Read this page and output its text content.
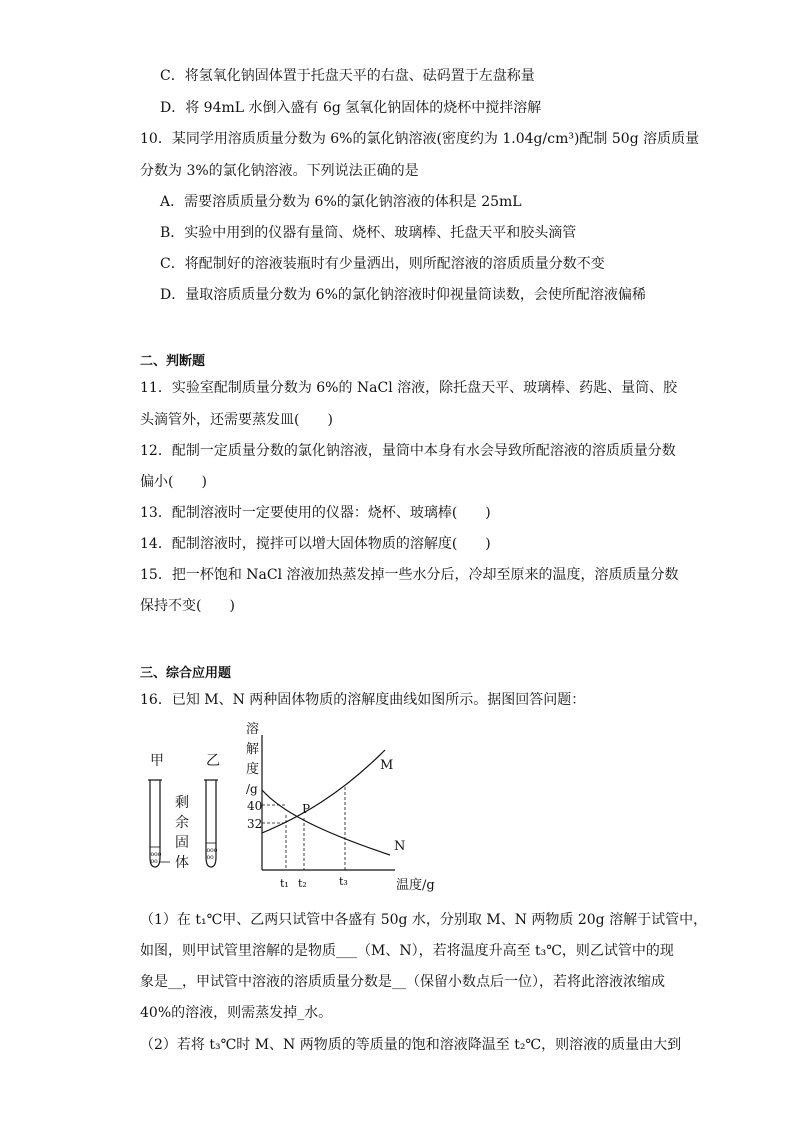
C．将氢氧化钠固体置于托盘天平的右盘、砝码置于左盘称量
D．将 94mL 水倒入盛有 6g 氢氧化钠固体的烧杯中搅拌溶解
10．某同学用溶质质量分数为 6%的氯化钠溶液(密度约为 1.04g/cm³)配制 50g 溶质质量
分数为 3%的氯化钠溶液。下列说法正确的是
A．需要溶质质量分数为 6%的氯化钠溶液的体积是 25mL
B．实验中用到的仪器有量筒、烧杯、玻璃棒、托盘天平和胶头滴管
C．将配制好的溶液装瓶时有少量洒出，则所配溶液的溶质质量分数不变
D．量取溶质质量分数为 6%的氯化钠溶液时仰视量筒读数，会使所配溶液偏稀
二、判断题
11．实验室配制质量分数为 6%的 NaCl 溶液，除托盘天平、玻璃棒、药匙、量筒、胶
头滴管外，还需要蒸发皿(　　)
12．配制一定质量分数的氯化钠溶液，量筒中本身有水会导致所配溶液的溶质质量分数
偏小(　　)
13．配制溶液时一定要使用的仪器：烧杯、玻璃棒(　　)
14．配制溶液时，搅拌可以增大固体物质的溶解度(　　)
15．把一杯饱和 NaCl 溶液加热蒸发掉一些水分后，冷却至原来的温度，溶质质量分数
保持不变(　　)
三、综合应用题
16．已知 M、N 两种固体物质的溶解度曲线如图所示。据图回答问题：
甲	乙
ooo
oo
ooo
oo
剩
余
固
体
溶
解
度
/g
40
32
P
M
N
t₁ t₂	t₃	温度/g
（1）在 t₁℃甲、乙两只试管中各盛有 50g 水，分别取 M、N 两物质 20g 溶解于试管中，
如图，则甲试管里溶解的是物质___（M、N），若将温度升高至 t₃℃，则乙试管中的现
象是__，甲试管中溶液的溶质质量分数是__（保留小数点后一位），若将此溶液浓缩成
40%的溶液，则需蒸发掉_水。
（2）若将 t₃℃时 M、N 两物质的等质量的饱和溶液降温至 t₂℃，则溶液的质量由大到
